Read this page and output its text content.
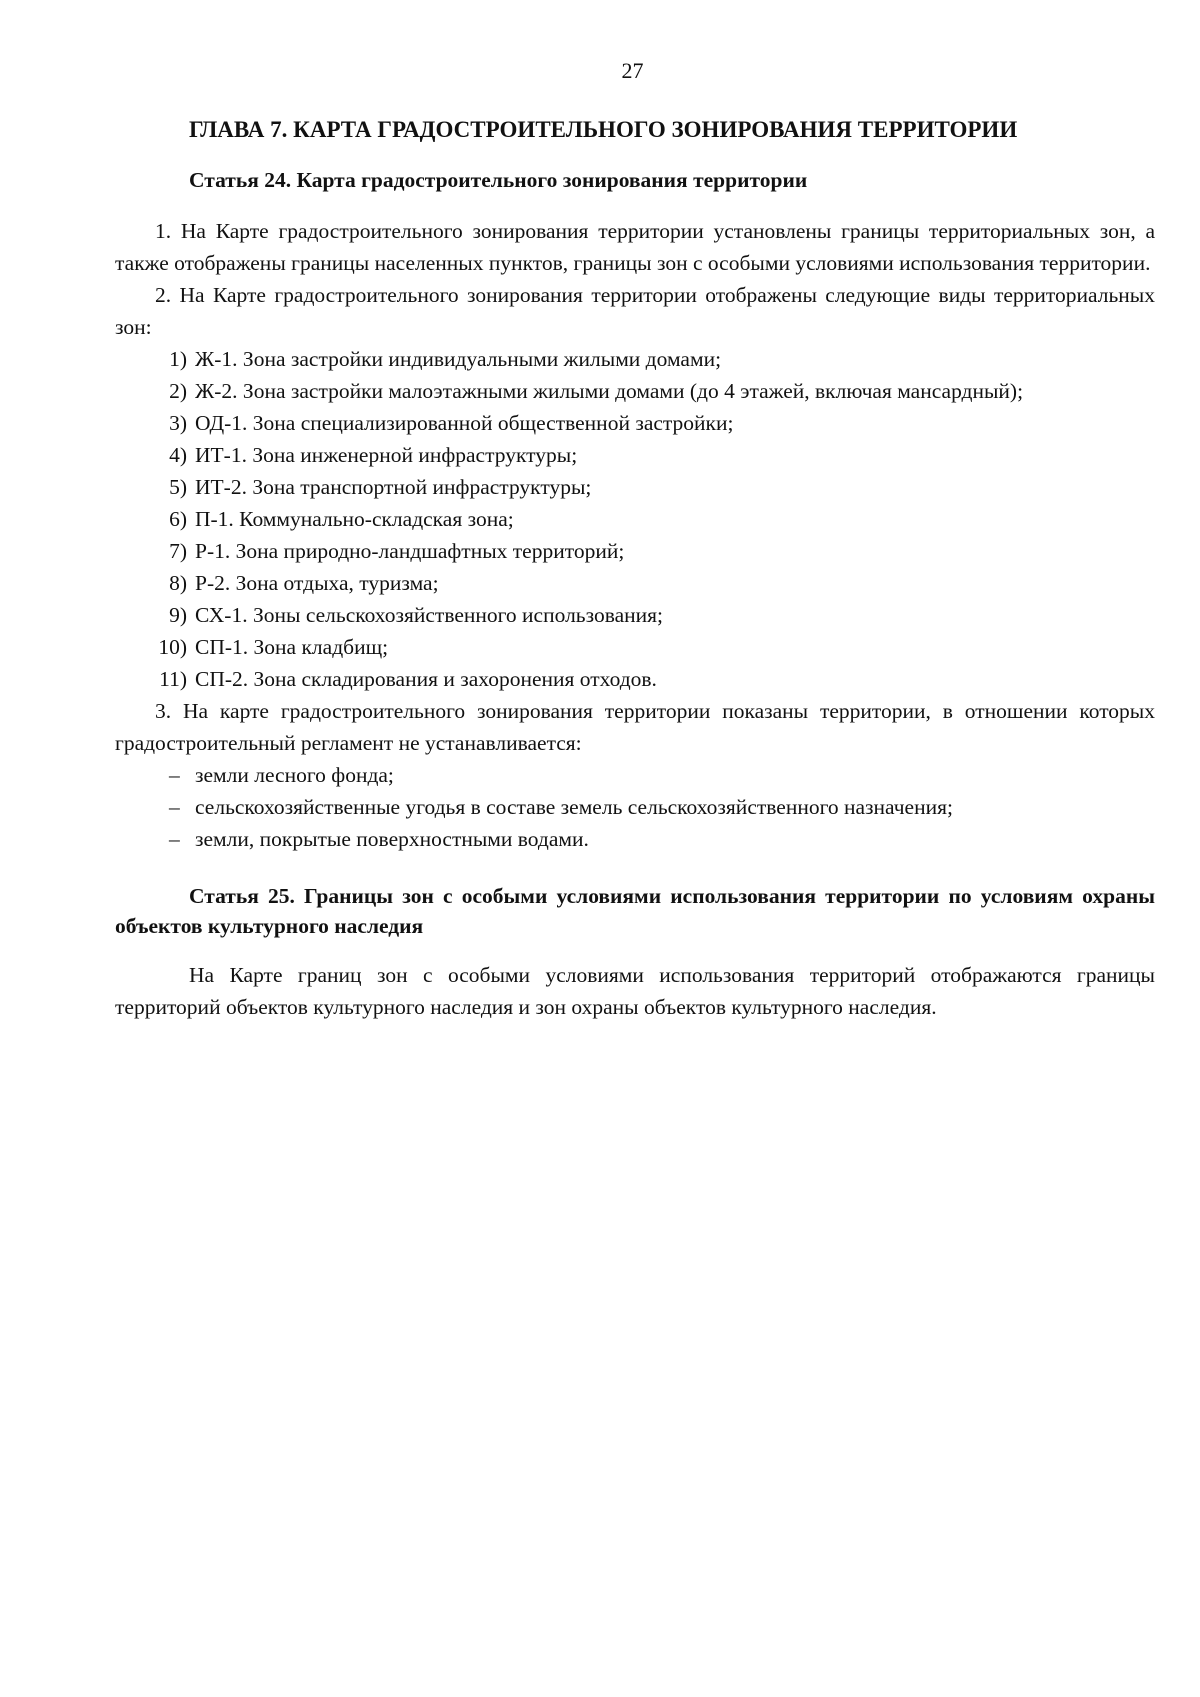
27
ГЛАВА 7. КАРТА ГРАДОСТРОИТЕЛЬНОГО ЗОНИРОВАНИЯ ТЕРРИТОРИИ
Статья 24. Карта градостроительного зонирования территории

1. На Карте градостроительного зонирования территории установлены границы территориальных зон, а также отображены границы населенных пунктов, границы зон с особыми условиями использования территории.

2. На Карте градостроительного зонирования территории отображены следующие виды территориальных зон:

1) Ж-1. Зона застройки индивидуальными жилыми домами;
2) Ж-2. Зона застройки малоэтажными жилыми домами (до 4 этажей, включая мансардный);
3) ОД-1. Зона специализированной общественной застройки;
4) ИТ-1. Зона инженерной инфраструктуры;
5) ИТ-2. Зона транспортной инфраструктуры;
6) П-1. Коммунально-складская зона;
7) Р-1. Зона природно-ландшафтных территорий;
8) Р-2. Зона отдыха, туризма;
9) СХ-1. Зоны сельскохозяйственного использования;
10) СП-1. Зона кладбищ;
11) СП-2. Зона складирования и захоронения отходов.

3. На карте градостроительного зонирования территории показаны территории, в отношении которых градостроительный регламент не устанавливается:

– земли лесного фонда;
– сельскохозяйственные угодья в составе земель сельскохозяйственного назначения;
– земли, покрытые поверхностными водами.
Статья 25. Границы зон с особыми условиями использования территории по условиям охраны объектов культурного наследия

На Карте границ зон с особыми условиями использования территорий отображаются границы территорий объектов культурного наследия и зон охраны объектов культурного наследия.
